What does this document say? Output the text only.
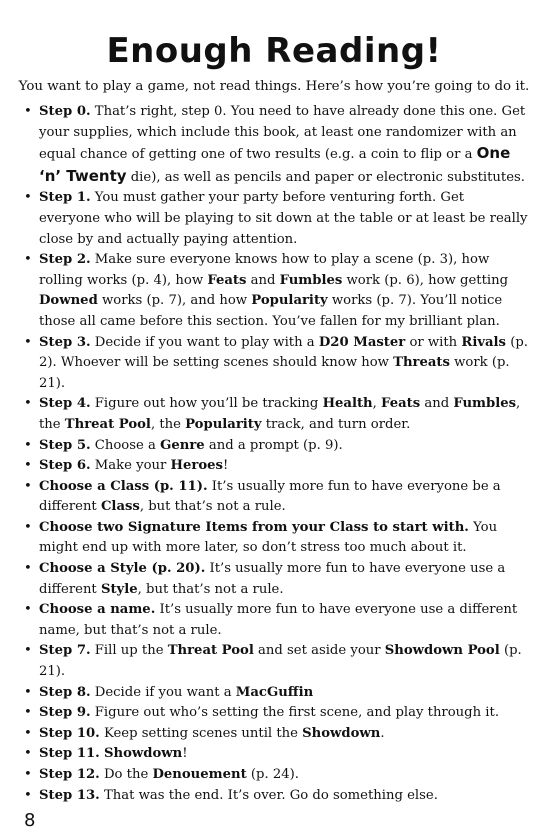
Enough Reading!

You want to play a game, not read things. Here’s how you’re going to do it.

• Step 0. That’s right, step 0. You need to have already done this one. Get your supplies, which include this book, at least one randomizer with an equal chance of getting one of two results (e.g. a coin to flip or a One ‘n’ Twenty die), as well as pencils and paper or electronic substitutes.
• Step 1. You must gather your party before venturing forth. Get everyone who will be playing to sit down at the table or at least be really close by and actually paying attention.
• Step 2. Make sure everyone knows how to play a scene (p. 3), how rolling works (p. 4), how Feats and Fumbles work (p. 6), how getting Downed works (p. 7), and how Popularity works (p. 7). You’ll notice those all came before this section. You’ve fallen for my brilliant plan.
• Step 3. Decide if you want to play with a D20 Master or with Rivals (p. 2). Whoever will be setting scenes should know how Threats work (p. 21).
• Step 4. Figure out how you’ll be tracking Health, Feats and Fumbles, the Threat Pool, the Popularity track, and turn order.
• Step 5. Choose a Genre and a prompt (p. 9).
• Step 6. Make your Heroes!
• Choose a Class (p. 11). It’s usually more fun to have everyone be a different Class, but that’s not a rule.
• Choose two Signature Items from your Class to start with. You might end up with more later, so don’t stress too much about it.
• Choose a Style (p. 20). It’s usually more fun to have everyone use a different Style, but that’s not a rule.
• Choose a name. It’s usually more fun to have everyone use a different name, but that’s not a rule.
• Step 7. Fill up the Threat Pool and set aside your Showdown Pool (p. 21).
• Step 8. Decide if you want a MacGuffin
• Step 9. Figure out who’s setting the first scene, and play through it.
• Step 10. Keep setting scenes until the Showdown.
• Step 11. Showdown!
• Step 12. Do the Denouement (p. 24).
• Step 13. That was the end. It’s over. Go do something else.
8
